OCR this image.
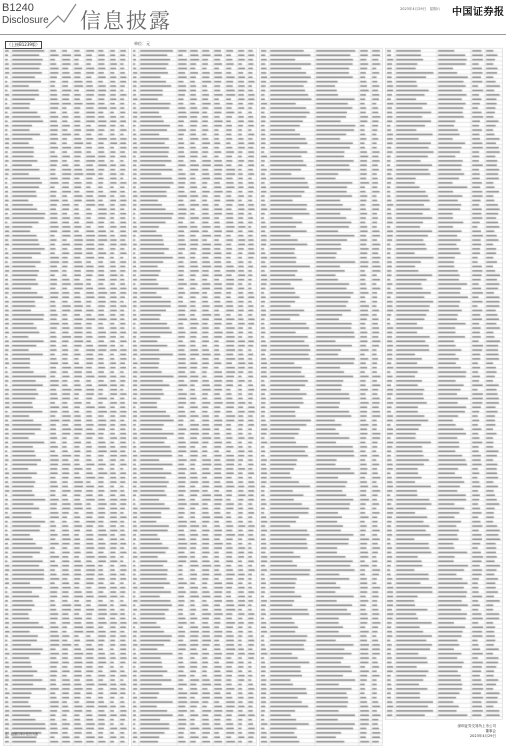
B1240
Disclosure 信息披露	2023年4月29日　星期六 中国证券报
（上接B1239版）
注：数据以审计报告为准
单位：元
深圳证券交易所上市公司
董事会
2023年4月29日
